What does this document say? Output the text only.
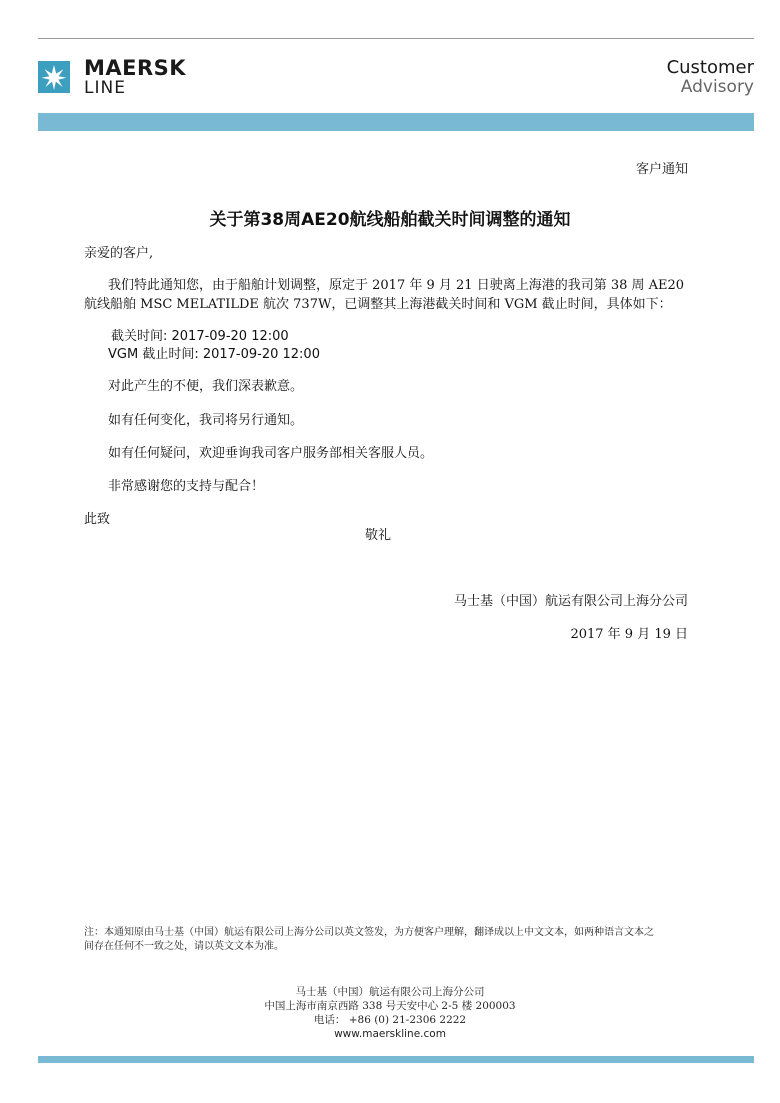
MAERSK
LINE
Customer
Advisory
客户通知
关于第38周AE20航线船舶截关时间调整的通知
亲爱的客户,
我们特此通知您，由于船舶计划调整，原定于 2017 年 9 月 21 日驶离上海港的我司第 38 周 AE20
航线船舶 MSC MELATILDE 航次 737W，已调整其上海港截关时间和 VGM 截止时间，具体如下：
截关时间: 2017-09-20 12:00
VGM 截止时间: 2017-09-20 12:00
对此产生的不便，我们深表歉意。
如有任何变化，我司将另行通知。
如有任何疑问，欢迎垂询我司客户服务部相关客服人员。
非常感谢您的支持与配合！
此致
敬礼
马士基（中国）航运有限公司上海分公司
2017 年 9 月 19 日
注：本通知原由马士基（中国）航运有限公司上海分公司以英文签发，为方便客户理解，翻译成以上中文文本，如两种语言文本之
间存在任何不一致之处，请以英文文本为准。
马士基（中国）航运有限公司上海分公司
中国上海市南京西路 338 号天安中心 2-5 楼 200003
电话： +86 (0) 21-2306 2222
www.maerskline.com
